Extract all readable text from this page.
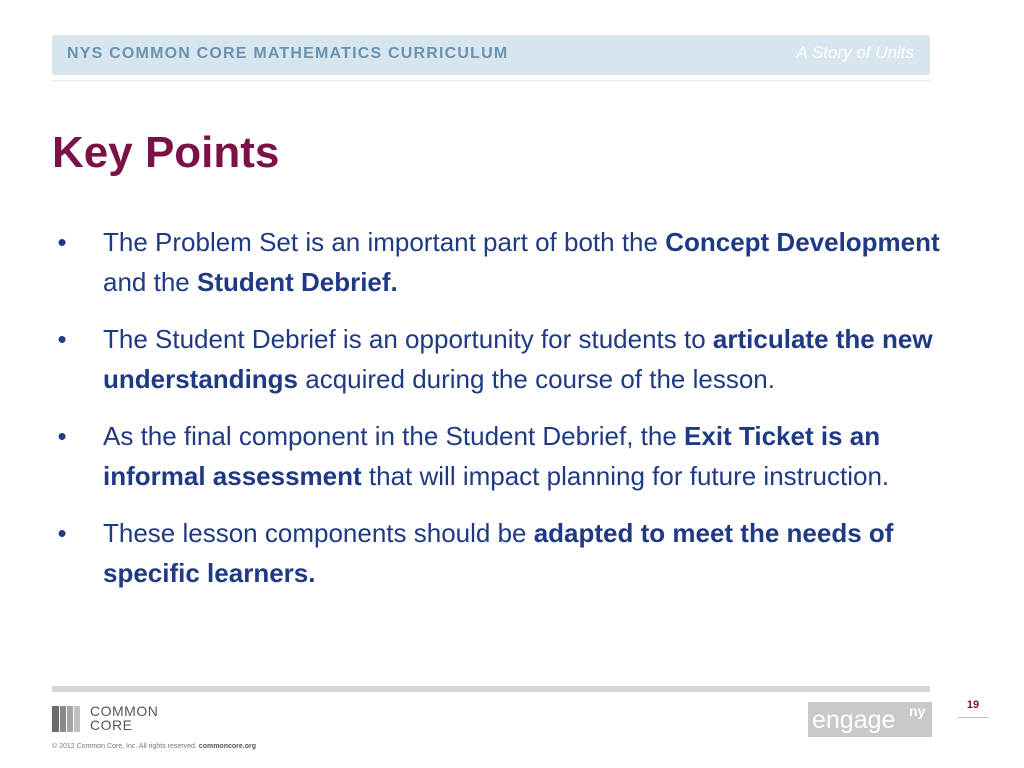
NYS COMMON CORE MATHEMATICS CURRICULUM	A Story of Units
Key Points
• The Problem Set is an important part of both the Concept Development and the Student Debrief.
• The Student Debrief is an opportunity for students to articulate the new understandings acquired during the course of the lesson.
• As the final component in the Student Debrief, the Exit Ticket is an informal assessment that will impact planning for future instruction.
• These lesson components should be adapted to meet the needs of specific learners.
COMMON
CORE
© 2012 Common Core, Inc. All rights reserved. commoncore.org
engage ny	19
